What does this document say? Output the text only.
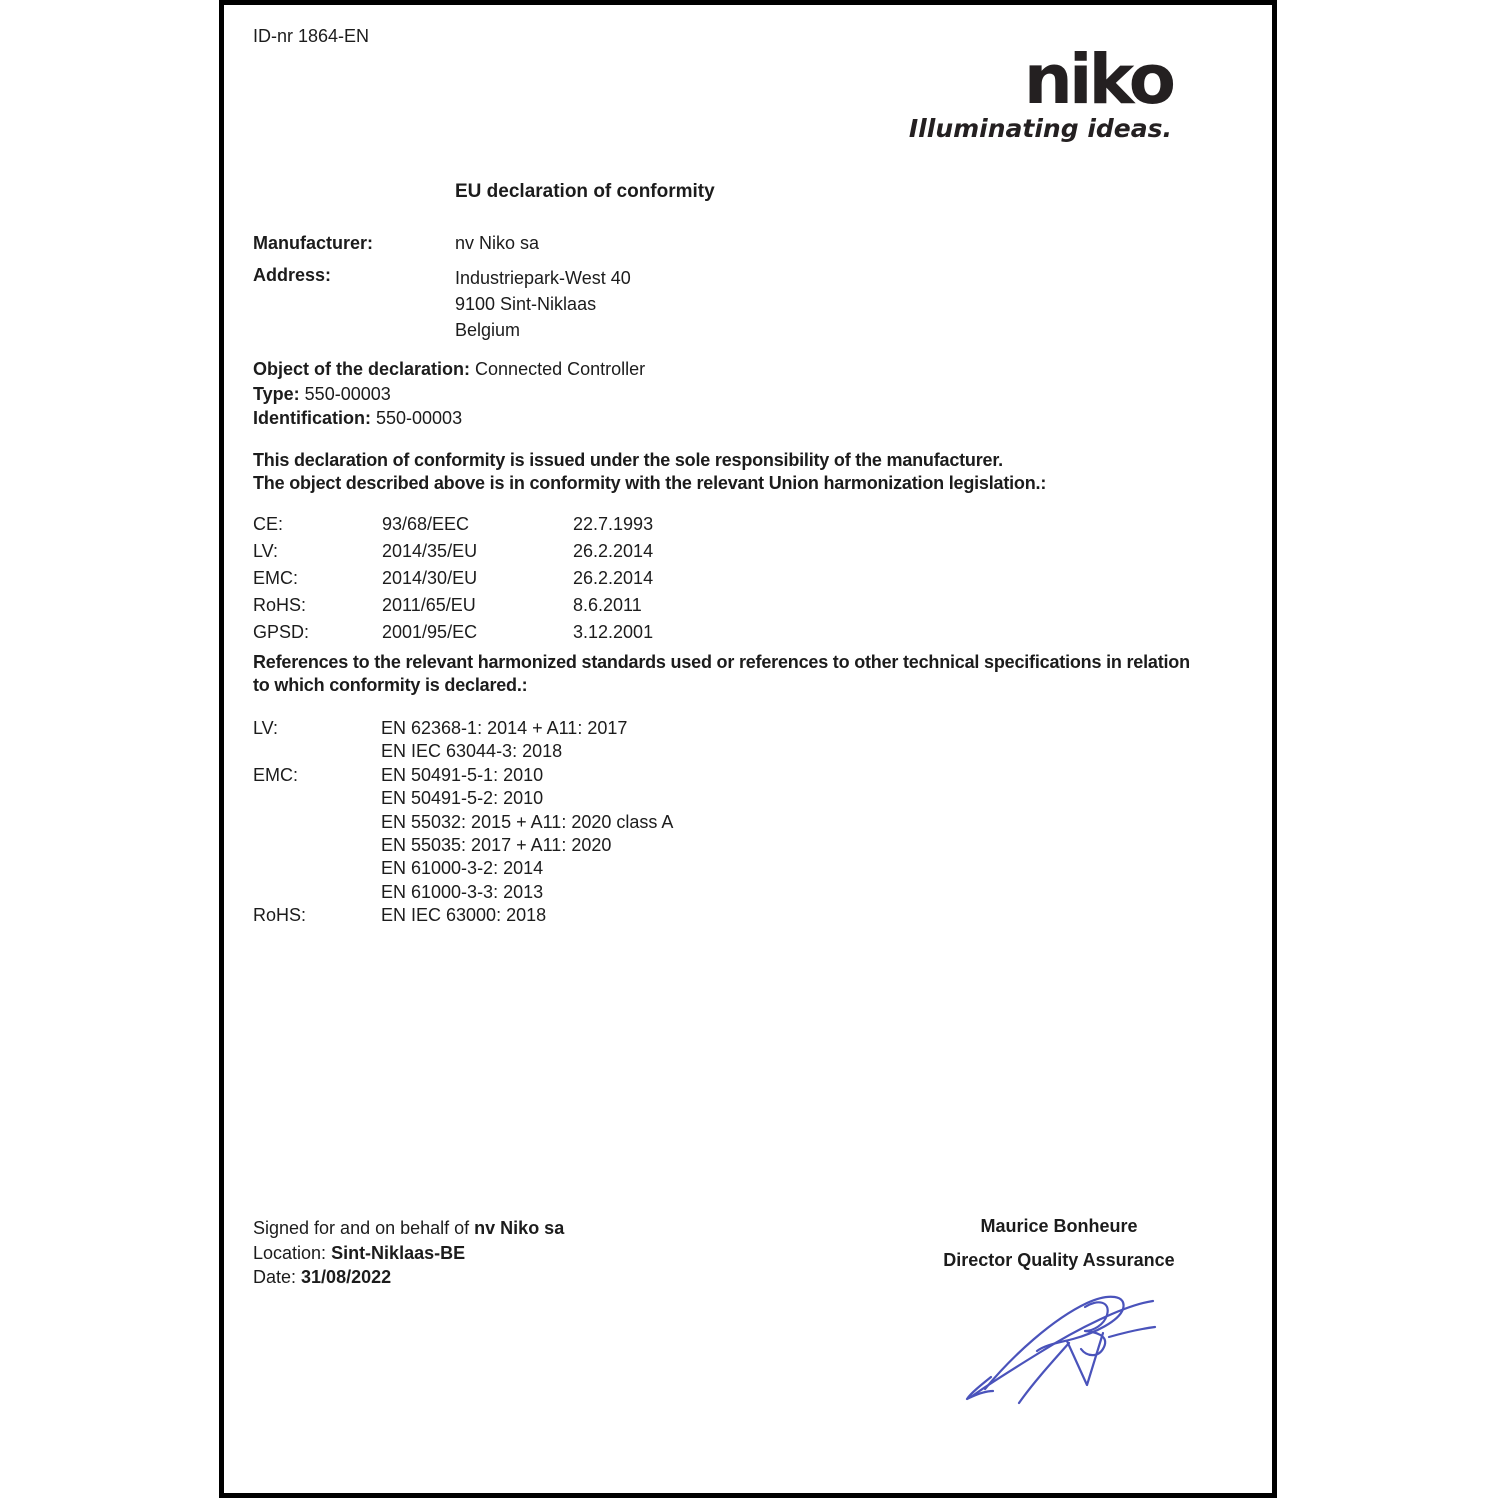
ID-nr 1864-EN
niko
Illuminating ideas.
EU declaration of conformity
Manufacturer:	nv Niko sa
Address:	Industriepark-West 40
9100 Sint-Niklaas
Belgium
Object of the declaration: Connected Controller
Type: 550-00003
Identification: 550-00003
This declaration of conformity is issued under the sole responsibility of the manufacturer.
The object described above is in conformity with the relevant Union harmonization legislation.:
CE:	93/68/EEC	22.7.1993
LV:	2014/35/EU	26.2.2014
EMC:	2014/30/EU	26.2.2014
RoHS:	2011/65/EU	8.6.2011
GPSD:	2001/95/EC	3.12.2001
References to the relevant harmonized standards used or references to other technical specifications in relation
to which conformity is declared.:
LV:	EN 62368-1: 2014 + A11: 2017
EN IEC 63044-3: 2018
EMC:	EN 50491-5-1: 2010
EN 50491-5-2: 2010
EN 55032: 2015 + A11: 2020 class A
EN 55035: 2017 + A11: 2020
EN 61000-3-2: 2014
EN 61000-3-3: 2013
RoHS:	EN IEC 63000: 2018
Signed for and on behalf of nv Niko sa
Location: Sint-Niklaas-BE
Date: 31/08/2022
Maurice Bonheure
Director Quality Assurance
